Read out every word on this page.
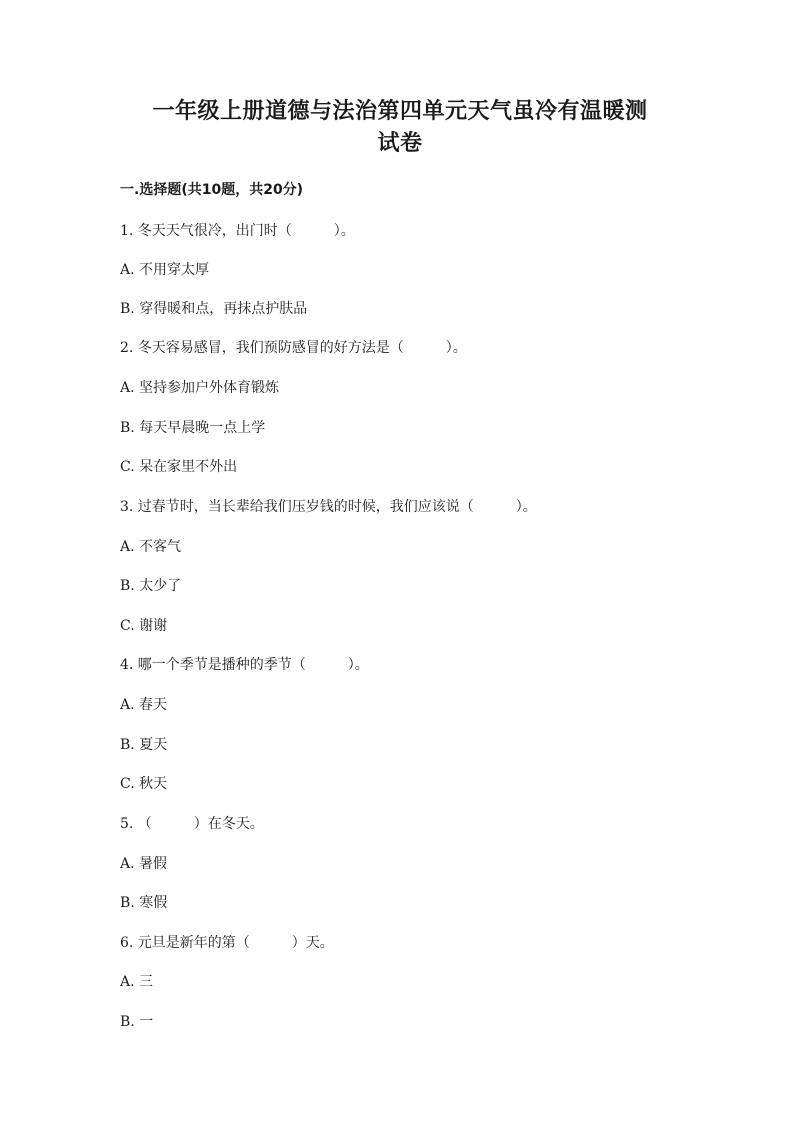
一年级上册道德与法治第四单元天气虽冷有温暖测
试卷
一.选择题(共10题，共20分)
1. 冬天天气很冷，出门时（　　　）。
A. 不用穿太厚
B. 穿得暖和点，再抹点护肤品
2. 冬天容易感冒，我们预防感冒的好方法是（　　　）。
A. 坚持参加户外体育锻炼
B. 每天早晨晚一点上学
C. 呆在家里不外出
3. 过春节时，当长辈给我们压岁钱的时候，我们应该说（　　　）。
A. 不客气
B. 太少了
C. 谢谢
4. 哪一个季节是播种的季节（　　　）。
A. 春天
B. 夏天
C. 秋天
5. （　　　）在冬天。
A. 暑假
B. 寒假
6. 元旦是新年的第（　　　）天。
A. 三
B. 一
